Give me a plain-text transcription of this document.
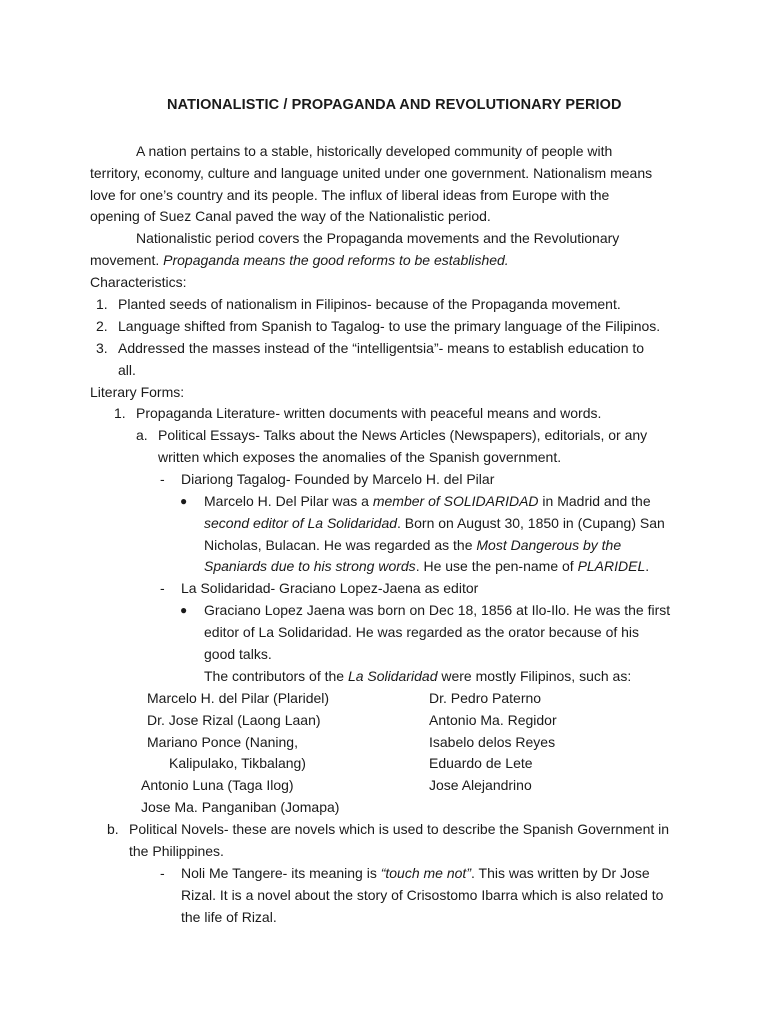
NATIONALISTIC / PROPAGANDA AND REVOLUTIONARY PERIOD
A nation pertains to a stable, historically developed community of people with
territory, economy, culture and language united under one government. Nationalism means
love for one’s country and its people. The influx of liberal ideas from Europe with the
opening of Suez Canal paved the way of the Nationalistic period.
Nationalistic period covers the Propaganda movements and the Revolutionary
movement. Propaganda means the good reforms to be established.
Characteristics:
1. Planted seeds of nationalism in Filipinos- because of the Propaganda movement.
2. Language shifted from Spanish to Tagalog- to use the primary language of the Filipinos.
3. Addressed the masses instead of the “intelligentsia”- means to establish education to
all.
Literary Forms:
1. Propaganda Literature- written documents with peaceful means and words.
a. Political Essays- Talks about the News Articles (Newspapers), editorials, or any
written which exposes the anomalies of the Spanish government.
- Diariong Tagalog- Founded by Marcelo H. del Pilar
● Marcelo H. Del Pilar was a member of SOLIDARIDAD in Madrid and the
second editor of La Solidaridad. Born on August 30, 1850 in (Cupang) San
Nicholas, Bulacan. He was regarded as the Most Dangerous by the
Spaniards due to his strong words. He use the pen-name of PLARIDEL.
- La Solidaridad- Graciano Lopez-Jaena as editor
● Graciano Lopez Jaena was born on Dec 18, 1856 at Ilo-Ilo. He was the first
editor of La Solidaridad. He was regarded as the orator because of his
good talks.
The contributors of the La Solidaridad were mostly Filipinos, such as:
Marcelo H. del Pilar (Plaridel)
Dr. Jose Rizal (Laong Laan)
Mariano Ponce (Naning,
Kalipulako, Tikbalang)
Antonio Luna (Taga Ilog)
Jose Ma. Panganiban (Jomapa)
Dr. Pedro Paterno
Antonio Ma. Regidor
Isabelo delos Reyes
Eduardo de Lete
Jose Alejandrino
b. Political Novels- these are novels which is used to describe the Spanish Government in
the Philippines.
- Noli Me Tangere- its meaning is “touch me not”. This was written by Dr Jose
Rizal. It is a novel about the story of Crisostomo Ibarra which is also related to
the life of Rizal.
